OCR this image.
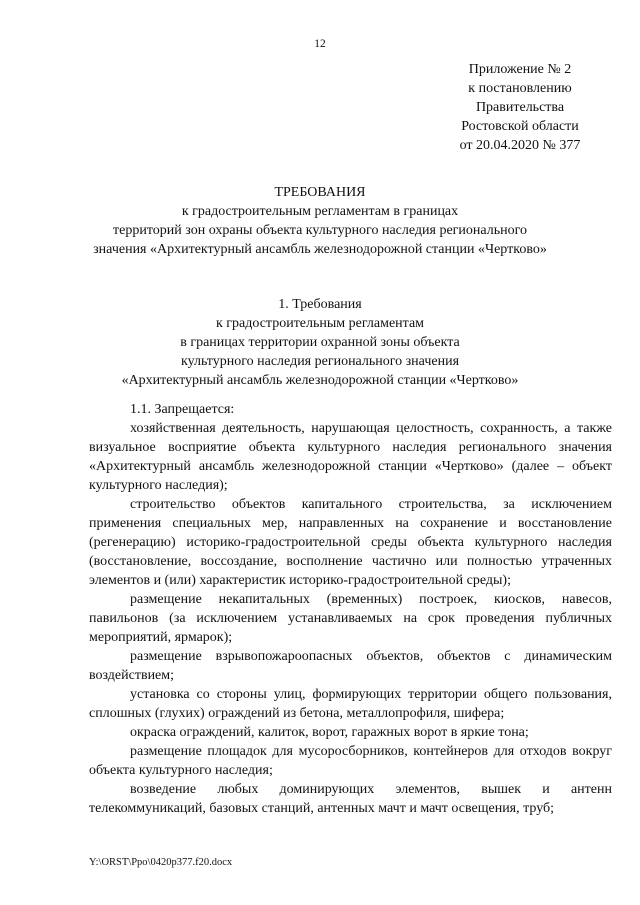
12
Приложение № 2
к постановлению
Правительства
Ростовской области
от 20.04.2020 № 377
ТРЕБОВАНИЯ
к градостроительным регламентам в границах
территорий зон охраны объекта культурного наследия регионального
значения «Архитектурный ансамбль железнодорожной станции «Чертково»
1. Требования
к градостроительным регламентам
в границах территории охранной зоны объекта
культурного наследия регионального значения
«Архитектурный ансамбль железнодорожной станции «Чертково»

1.1. Запрещается:

хозяйственная деятельность, нарушающая целостность, сохранность, а также визуальное восприятие объекта культурного наследия регионального значения «Архитектурный ансамбль железнодорожной станции «Чертково» (далее – объект культурного наследия);

строительство объектов капитального строительства, за исключением применения специальных мер, направленных на сохранение и восстановление (регенерацию) историко-градостроительной среды объекта культурного наследия (восстановление, воссоздание, восполнение частично или полностью утраченных элементов и (или) характеристик историко-градостроительной среды);

размещение некапитальных (временных) построек, киосков, навесов, павильонов (за исключением устанавливаемых на срок проведения публичных мероприятий, ярмарок);

размещение взрывопожароопасных объектов, объектов с динамическим воздействием;

установка со стороны улиц, формирующих территории общего пользования, сплошных (глухих) ограждений из бетона, металлопрофиля, шифера;

окраска ограждений, калиток, ворот, гаражных ворот в яркие тона;

размещение площадок для мусоросборников, контейнеров для отходов вокруг объекта культурного наследия;

возведение любых доминирующих элементов, вышек и антенн телекоммуникаций, базовых станций, антенных мачт и мачт освещения, труб;

Y:\ORST\Ppo\0420p377.f20.docx
